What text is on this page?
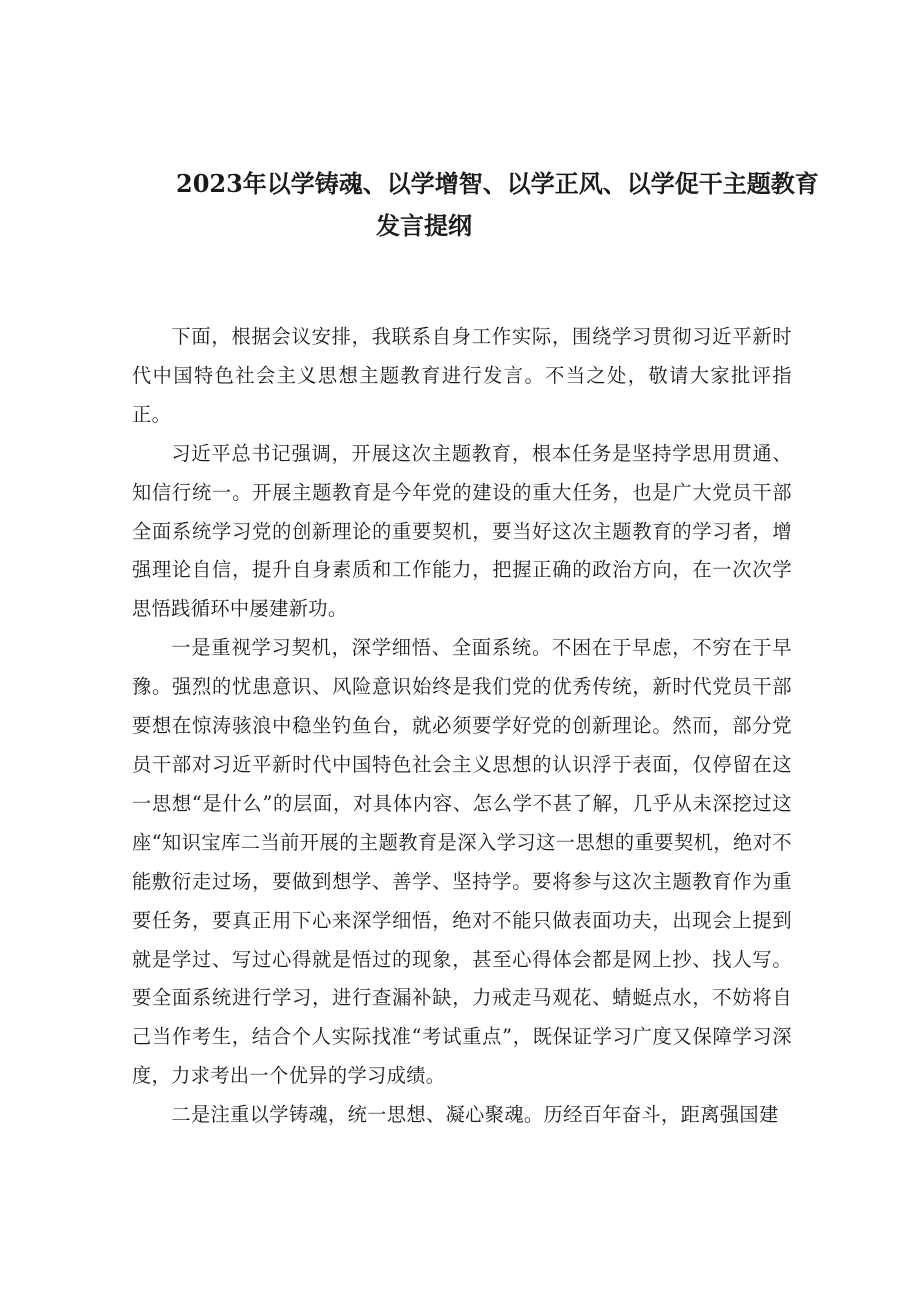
2023年以学铸魂、以学增智、以学正风、以学促干主题教育
发言提纲

下面，根据会议安排，我联系自身工作实际，围绕学习贯彻习近平新时代中国特色社会主义思想主题教育进行发言。不当之处，敬请大家批评指正。

习近平总书记强调，开展这次主题教育，根本任务是坚持学思用贯通、知信行统一。开展主题教育是今年党的建设的重大任务，也是广大党员干部全面系统学习党的创新理论的重要契机，要当好这次主题教育的学习者，增强理论自信，提升自身素质和工作能力，把握正确的政治方向，在一次次学思悟践循环中屡建新功。

一是重视学习契机，深学细悟、全面系统。不困在于早虑，不穷在于早豫。强烈的忧患意识、风险意识始终是我们党的优秀传统，新时代党员干部要想在惊涛骇浪中稳坐钓鱼台，就必须要学好党的创新理论。然而，部分党员干部对习近平新时代中国特色社会主义思想的认识浮于表面，仅停留在这一思想“是什么”的层面，对具体内容、怎么学不甚了解，几乎从未深挖过这座“知识宝库二当前开展的主题教育是深入学习这一思想的重要契机，绝对不能敷衍走过场，要做到想学、善学、坚持学。要将参与这次主题教育作为重要任务，要真正用下心来深学细悟，绝对不能只做表面功夫，出现会上提到就是学过、写过心得就是悟过的现象，甚至心得体会都是网上抄、找人写。要全面系统进行学习，进行查漏补缺，力戒走马观花、蜻蜓点水，不妨将自己当作考生，结合个人实际找准“考试重点”，既保证学习广度又保障学习深度，力求考出一个优异的学习成绩。

二是注重以学铸魂，统一思想、凝心聚魂。历经百年奋斗，距离强国建
